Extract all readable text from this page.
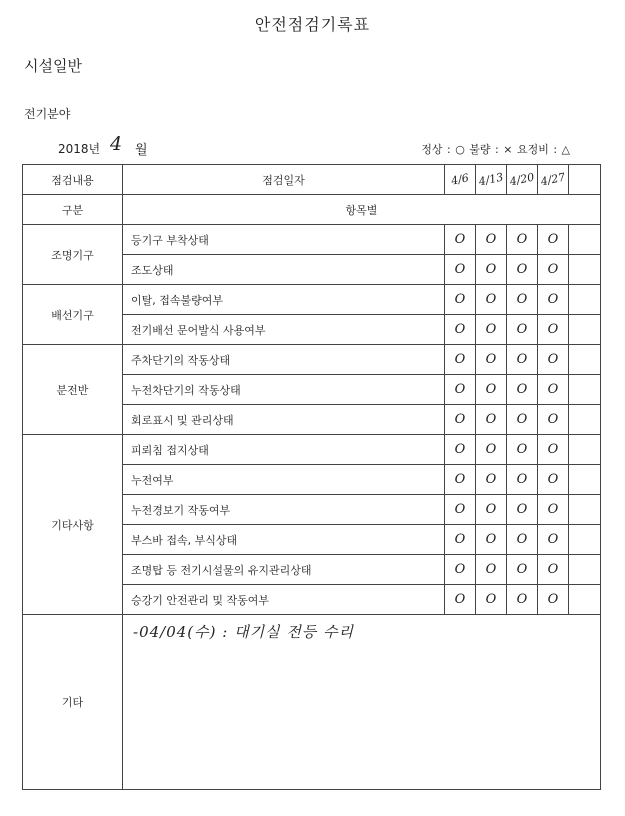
안전점검기록표
시설일반
전기분야
2018년 4 월	정상 : ○ 불량 : × 요정비 : △
점검내용	점검일자	4/6	4/13	4/20	4/27	

구분	항목별					
조명기구	등기구 부착상태	O	O	O	O	

	조도상태	O	O	O	O	

배선기구	이탈, 접속불량여부	O	O	O	O	

	전기배선 문어발식 사용여부	O	O	O	O	

분전반	주차단기의 작동상태	O	O	O	O	

	누전차단기의 작동상태	O	O	O	O	

	회로표시 및 관리상태	O	O	O	O	

기타사항	피뢰침 접지상태	O	O	O	O	

	누전여부	O	O	O	O	

	누전경보기 작동여부	O	O	O	O	

	부스바 접속, 부식상태	O	O	O	O	

	조명탑 등 전기시설물의 유지관리상태	O	O	O	O	

	승강기 안전관리 및 작동여부	O	O	O	O	

기타	-04/04(수) : 대기실 전등 수리					
